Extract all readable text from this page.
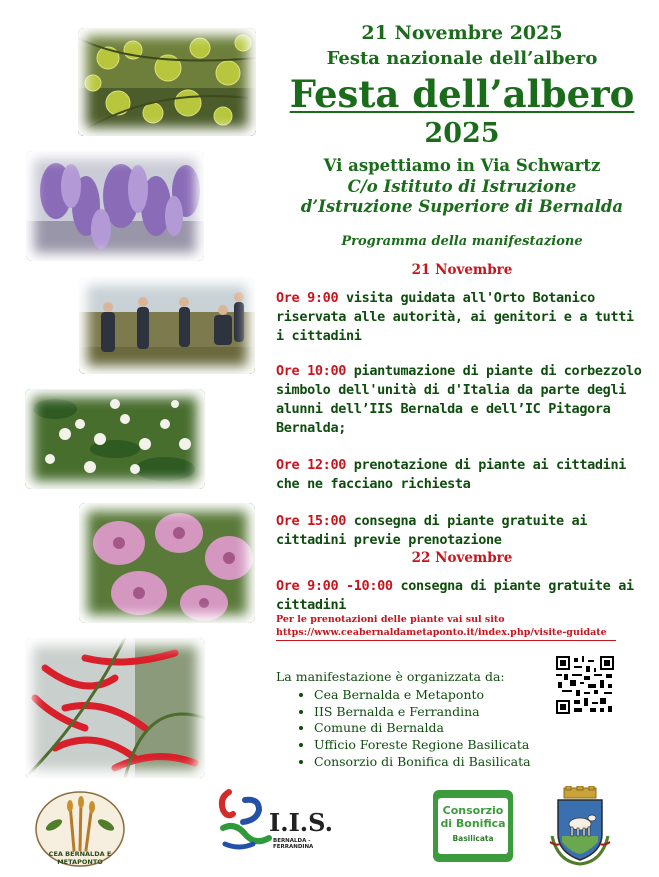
21 Novembre 2025
Festa nazionale dell’albero
Festa dell’albero
2025
Vi aspettiamo in Via Schwartz
C/o Istituto di Istruzione
d’Istruzione Superiore di Bernalda
Programma della manifestazione
21 Novembre
Ore 9:00 visita guidata all'Orto Botanico riservata alle autorità, ai genitori e a tutti i cittadini
Ore 10:00 piantumazione di piante di corbezzolo simbolo dell'unità di d'Italia da parte degli alunni dell’IIS Bernalda e dell’IC Pitagora Bernalda;
Ore 12:00 prenotazione di piante ai cittadini che ne facciano richiesta
Ore 15:00 consegna di piante gratuite ai cittadini previe prenotazione
22 Novembre
Ore 9:00 -10:00 consegna di piante gratuite ai cittadini
Per le prenotazioni delle piante vai sul sito
https://www.ceabernaldametaponto.it/index.php/visite-guidate
La manifestazione è organizzata da:
• Cea Bernalda e Metaponto
• IIS Bernalda e Ferrandina
• Comune di Bernalda
• Ufficio Foreste Regione Basilicata
• Consorzio di Bonifica di Basilicata
CEA BERNALDA E METAPONTO
I.I.S.
BERNALDA - FERRANDINA
Consorzio
di Bonifica
Basilicata
